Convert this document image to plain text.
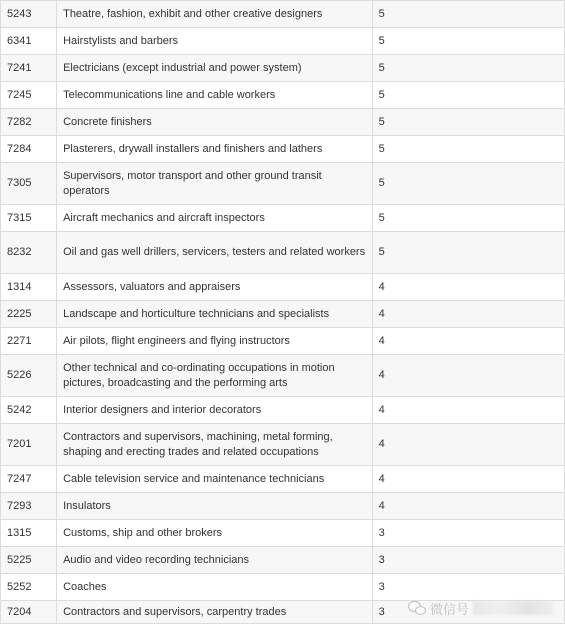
5243	Theatre, fashion, exhibit and other creative designers	5
6341	Hairstylists and barbers	5
7241	Electricians (except industrial and power system)	5
7245	Telecommunications line and cable workers	5
7282	Concrete finishers	5
7284	Plasterers, drywall installers and finishers and lathers	5
7305	Supervisors, motor transport and other ground transit operators	5
7315	Aircraft mechanics and aircraft inspectors	5
8232	Oil and gas well drillers, servicers, testers and related workers	5
1314	Assessors, valuators and appraisers	4
2225	Landscape and horticulture technicians and specialists	4
2271	Air pilots, flight engineers and flying instructors	4
5226	Other technical and co-ordinating occupations in motion pictures, broadcasting and the performing arts	4
5242	Interior designers and interior decorators	4
7201	Contractors and supervisors, machining, metal forming, shaping and erecting trades and related occupations	4
7247	Cable television service and maintenance technicians	4
7293	Insulators	4
1315	Customs, ship and other brokers	3
5225	Audio and video recording technicians	3
5252	Coaches	3
7204	Contractors and supervisors, carpentry trades	3	微信号
